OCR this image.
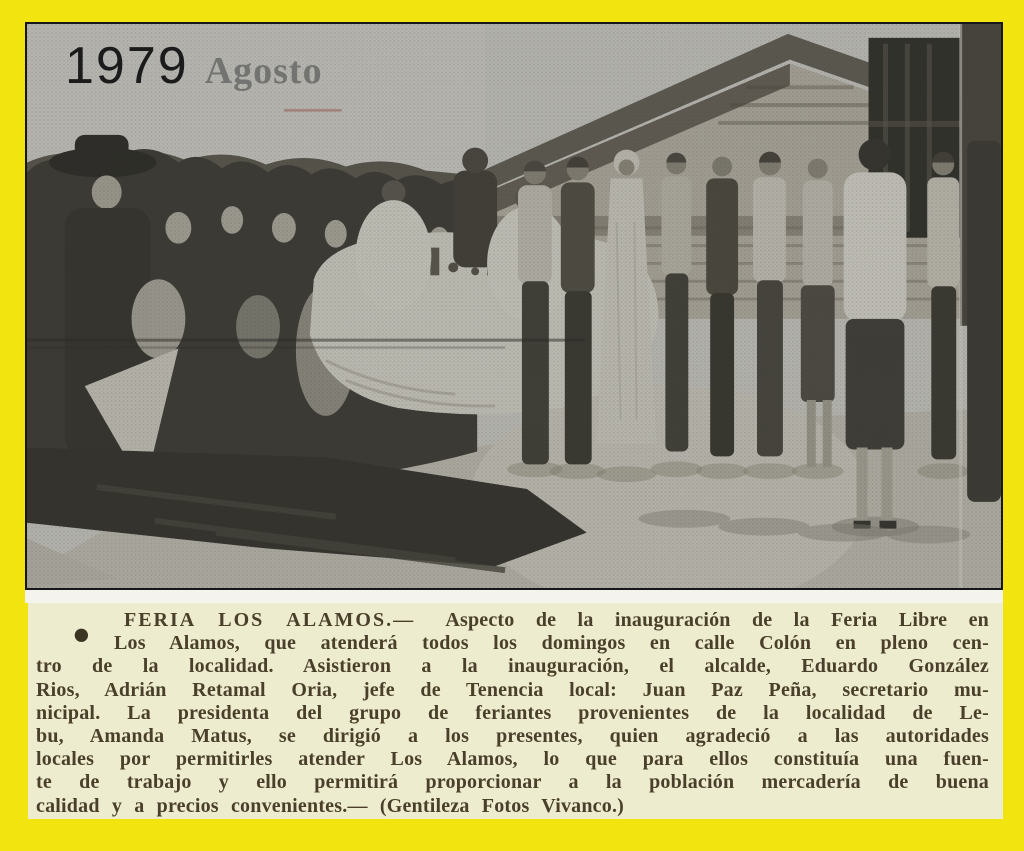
1979 Agosto
● FERIA LOS ALAMOS.— Aspecto de la inauguración de la Feria Libre en
Los Alamos, que atenderá todos los domingos en calle Colón en pleno cen-
tro de la localidad. Asistieron a la inauguración, el alcalde, Eduardo González
Rios, Adrián Retamal Oria, jefe de Tenencia local: Juan Paz Peña, secretario mu-
nicipal. La presidenta del grupo de feriantes provenientes de la localidad de Le-
bu, Amanda Matus, se dirigió a los presentes, quien agradeció a las autoridades
locales por permitirles atender Los Alamos, lo que para ellos constituía una fuen-
te de trabajo y ello permitirá proporcionar a la población mercadería de buena
calidad y a precios convenientes.— (Gentileza Fotos Vivanco.)
